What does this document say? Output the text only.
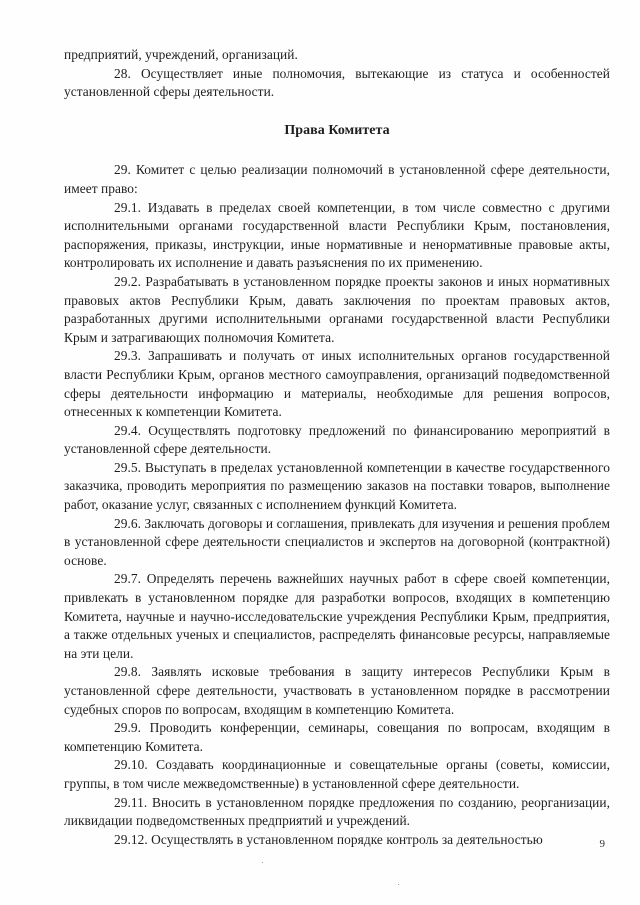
предприятий, учреждений, организаций.

28. Осуществляет иные полномочия, вытекающие из статуса и особенностей установленной сферы деятельности.

Права Комитета

29. Комитет с целью реализации полномочий в установленной сфере деятельности, имеет право:

29.1. Издавать в пределах своей компетенции, в том числе совместно с другими исполнительными органами государственной власти Республики Крым, постановления, распоряжения, приказы, инструкции, иные нормативные и ненормативные правовые акты, контролировать их исполнение и давать разъяснения по их применению.

29.2. Разрабатывать в установленном порядке проекты законов и иных нормативных правовых актов Республики Крым, давать заключения по проектам правовых актов, разработанных другими исполнительными органами государственной власти Республики Крым и затрагивающих полномочия Комитета.

29.3. Запрашивать и получать от иных исполнительных органов государственной власти Республики Крым, органов местного самоуправления, организаций подведомственной сферы деятельности информацию и материалы, необходимые для решения вопросов, отнесенных к компетенции Комитета.

29.4. Осуществлять подготовку предложений по финансированию мероприятий в установленной сфере деятельности.

29.5. Выступать в пределах установленной компетенции в качестве государственного заказчика, проводить мероприятия по размещению заказов на поставки товаров, выполнение работ, оказание услуг, связанных с исполнением функций Комитета.

29.6. Заключать договоры и соглашения, привлекать для изучения и решения проблем в установленной сфере деятельности специалистов и экспертов на договорной (контрактной) основе.

29.7. Определять перечень важнейших научных работ в сфере своей компетенции, привлекать в установленном порядке для разработки вопросов, входящих в компетенцию Комитета, научные и научно-исследовательские учреждения Республики Крым, предприятия, а также отдельных ученых и специалистов, распределять финансовые ресурсы, направляемые на эти цели.

29.8. Заявлять исковые требования в защиту интересов Республики Крым в установленной сфере деятельности, участвовать в установленном порядке в рассмотрении судебных споров по вопросам, входящим в компетенцию Комитета.

29.9. Проводить конференции, семинары, совещания по вопросам, входящим в компетенцию Комитета.

29.10. Создавать координационные и совещательные органы (советы, комиссии, группы, в том числе межведомственные) в установленной сфере деятельности.

29.11. Вносить в установленном порядке предложения по созданию, реорганизации, ликвидации подведомственных предприятий и учреждений.

29.12. Осуществлять в установленном порядке контроль за деятельностью	9
